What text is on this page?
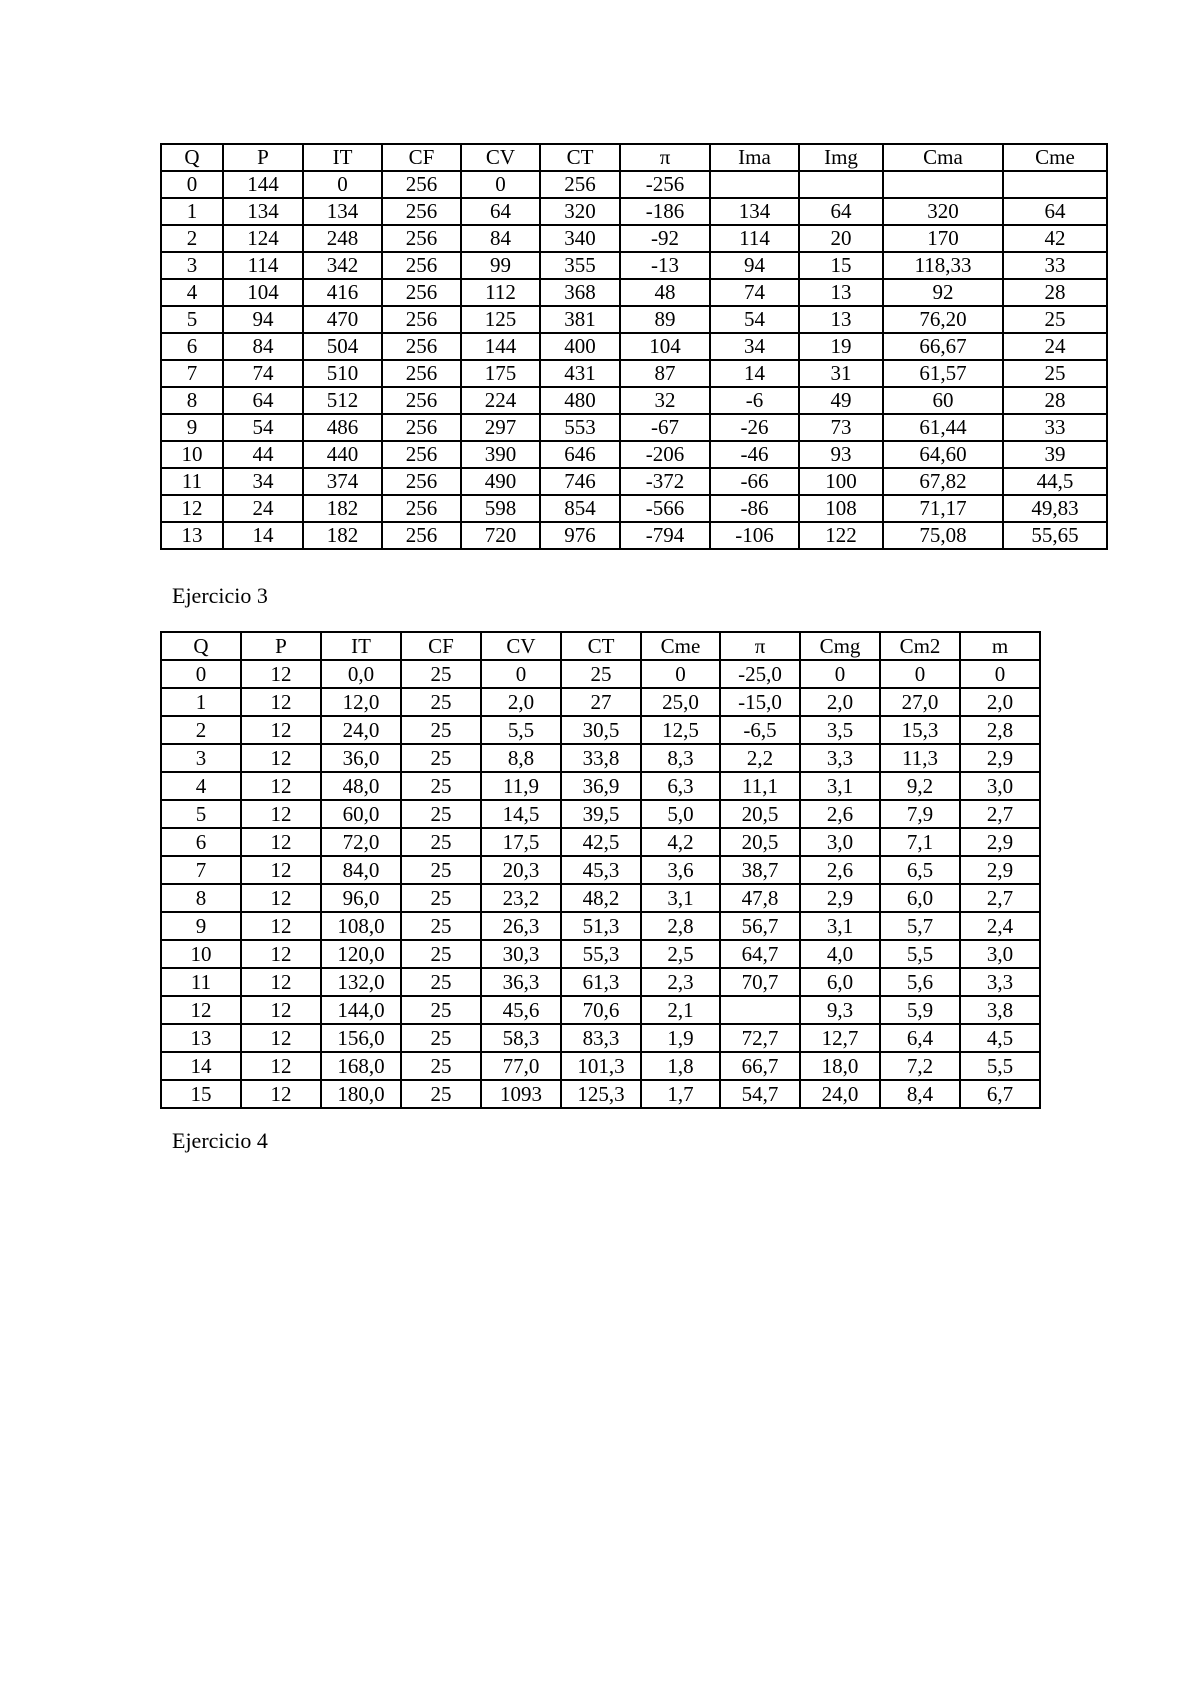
Q	P	IT	CF	CV	CT	π	Ima	Img	Cma	Cme
0	144	0	256	0	256	-256				
1	134	134	256	64	320	-186	134	64	320	64
2	124	248	256	84	340	-92	114	20	170	42
3	114	342	256	99	355	-13	94	15	118,33	33
4	104	416	256	112	368	48	74	13	92	28
5	94	470	256	125	381	89	54	13	76,20	25
6	84	504	256	144	400	104	34	19	66,67	24
7	74	510	256	175	431	87	14	31	61,57	25
8	64	512	256	224	480	32	-6	49	60	28
9	54	486	256	297	553	-67	-26	73	61,44	33
10	44	440	256	390	646	-206	-46	93	64,60	39
11	34	374	256	490	746	-372	-66	100	67,82	44,5
12	24	182	256	598	854	-566	-86	108	71,17	49,83
13	14	182	256	720	976	-794	-106	122	75,08	55,65
Ejercicio 3
Q	P	IT	CF	CV	CT	Cme	π	Cmg	Cm2	m
0	12	0,0	25	0	25	0	-25,0	0	0	0
1	12	12,0	25	2,0	27	25,0	-15,0	2,0	27,0	2,0
2	12	24,0	25	5,5	30,5	12,5	-6,5	3,5	15,3	2,8
3	12	36,0	25	8,8	33,8	8,3	2,2	3,3	11,3	2,9
4	12	48,0	25	11,9	36,9	6,3	11,1	3,1	9,2	3,0
5	12	60,0	25	14,5	39,5	5,0	20,5	2,6	7,9	2,7
6	12	72,0	25	17,5	42,5	4,2	20,5	3,0	7,1	2,9
7	12	84,0	25	20,3	45,3	3,6	38,7	2,6	6,5	2,9
8	12	96,0	25	23,2	48,2	3,1	47,8	2,9	6,0	2,7
9	12	108,0	25	26,3	51,3	2,8	56,7	3,1	5,7	2,4
10	12	120,0	25	30,3	55,3	2,5	64,7	4,0	5,5	3,0
11	12	132,0	25	36,3	61,3	2,3	70,7	6,0	5,6	3,3
12	12	144,0	25	45,6	70,6	2,1		9,3	5,9	3,8
13	12	156,0	25	58,3	83,3	1,9	72,7	12,7	6,4	4,5
14	12	168,0	25	77,0	101,3	1,8	66,7	18,0	7,2	5,5
15	12	180,0	25	1093	125,3	1,7	54,7	24,0	8,4	6,7
Ejercicio 4
